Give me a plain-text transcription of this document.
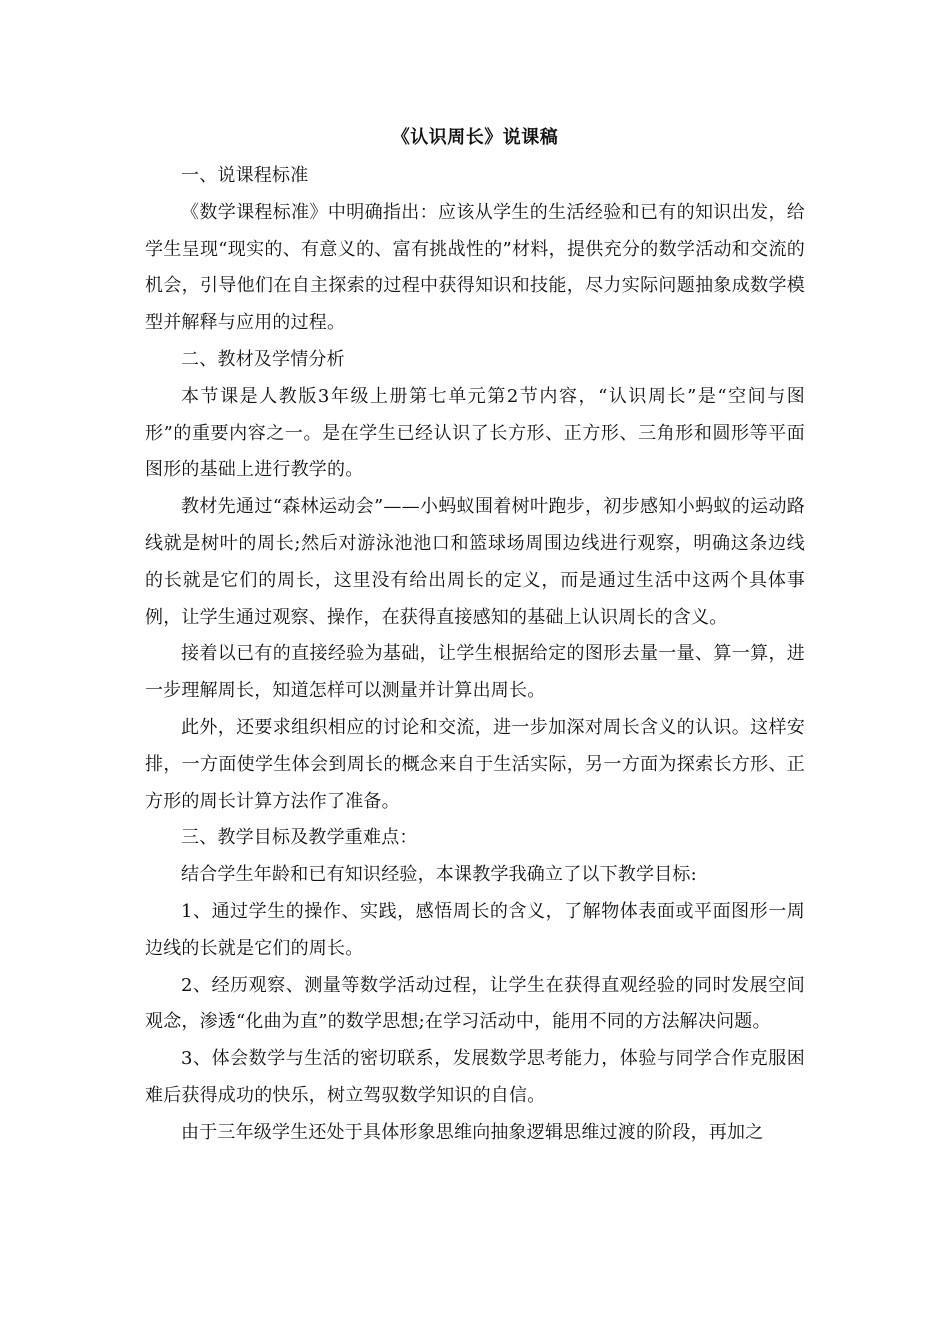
《认识周长》说课稿

一、说课程标准

《数学课程标准》中明确指出：应该从学生的生活经验和已有的知识出发，给学生呈现“现实的、有意义的、富有挑战性的”材料，提供充分的数学活动和交流的机会，引导他们在自主探索的过程中获得知识和技能，尽力实际问题抽象成数学模型并解释与应用的过程。

二、教材及学情分析

本节课是人教版3年级上册第七单元第2节内容，“认识周长”是“空间与图形”的重要内容之一。是在学生已经认识了长方形、正方形、三角形和圆形等平面图形的基础上进行教学的。

教材先通过“森林运动会”——小蚂蚁围着树叶跑步，初步感知小蚂蚁的运动路线就是树叶的周长;然后对游泳池池口和篮球场周围边线进行观察，明确这条边线的长就是它们的周长，这里没有给出周长的定义，而是通过生活中这两个具体事例，让学生通过观察、操作，在获得直接感知的基础上认识周长的含义。

接着以已有的直接经验为基础，让学生根据给定的图形去量一量、算一算，进一步理解周长，知道怎样可以测量并计算出周长。

此外，还要求组织相应的讨论和交流，进一步加深对周长含义的认识。这样安排，一方面使学生体会到周长的概念来自于生活实际，另一方面为探索长方形、正方形的周长计算方法作了准备。

三、教学目标及教学重难点：

结合学生年龄和已有知识经验，本课教学我确立了以下教学目标:

1、通过学生的操作、实践，感悟周长的含义，了解物体表面或平面图形一周边线的长就是它们的周长。

2、经历观察、测量等数学活动过程，让学生在获得直观经验的同时发展空间观念，渗透“化曲为直”的数学思想;在学习活动中，能用不同的方法解决问题。

3、体会数学与生活的密切联系，发展数学思考能力，体验与同学合作克服困难后获得成功的快乐，树立驾驭数学知识的自信。

由于三年级学生还处于具体形象思维向抽象逻辑思维过渡的阶段，再加之
